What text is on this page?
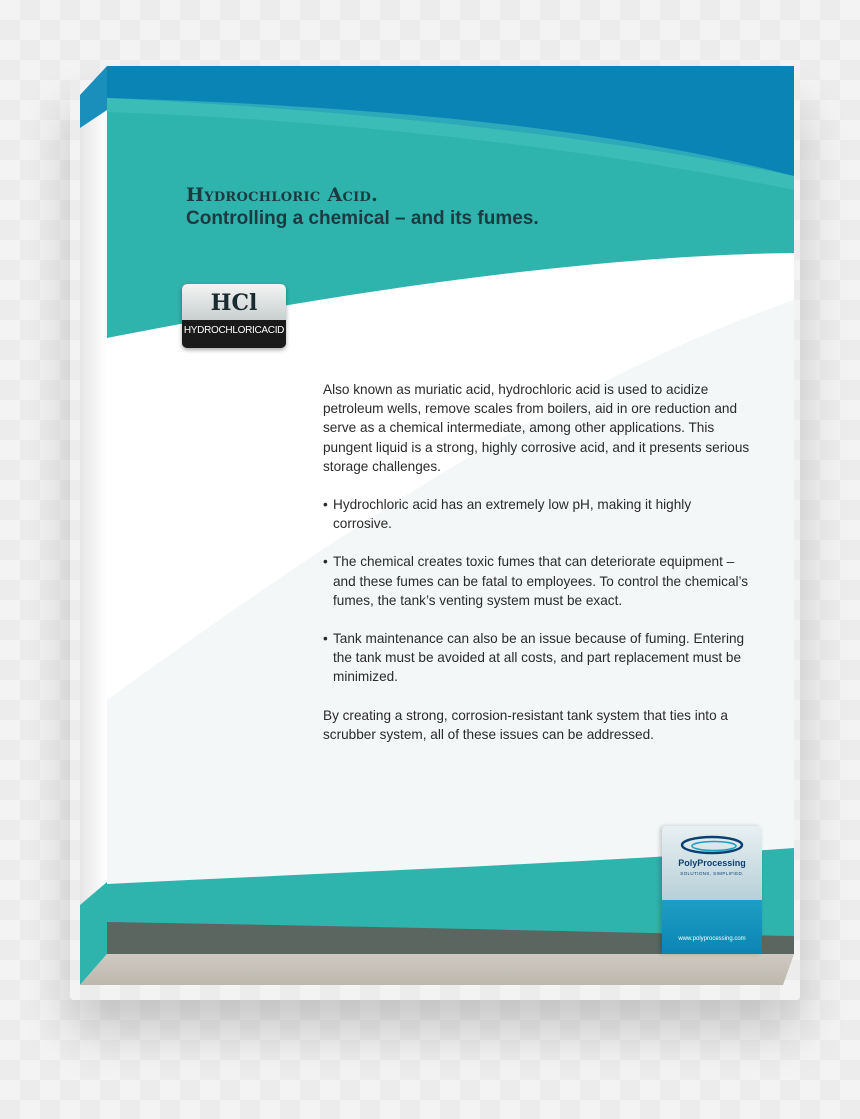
Hydrochloric Acid.
Controlling a chemical – and its fumes.
HCl
HYDROCHLORICACID

Also known as muriatic acid, hydrochloric acid is used to acidize petroleum wells, remove scales from boilers, aid in ore reduction and serve as a chemical intermediate, among other applications. This pungent liquid is a strong, highly corrosive acid, and it presents serious storage challenges.

• Hydrochloric acid has an extremely low pH, making it highly corrosive.
• The chemical creates toxic fumes that can deteriorate equipment – and these fumes can be fatal to employees. To control the chemical’s fumes, the tank’s venting system must be exact.
• Tank maintenance can also be an issue because of fuming. Entering the tank must be avoided at all costs, and part replacement must be minimized.

By creating a strong, corrosion-resistant tank system that ties into a scrubber system, all of these issues can be addressed.

PolyProcessing
SOLUTIONS, SIMPLIFIED.
www.polyprocessing.com
